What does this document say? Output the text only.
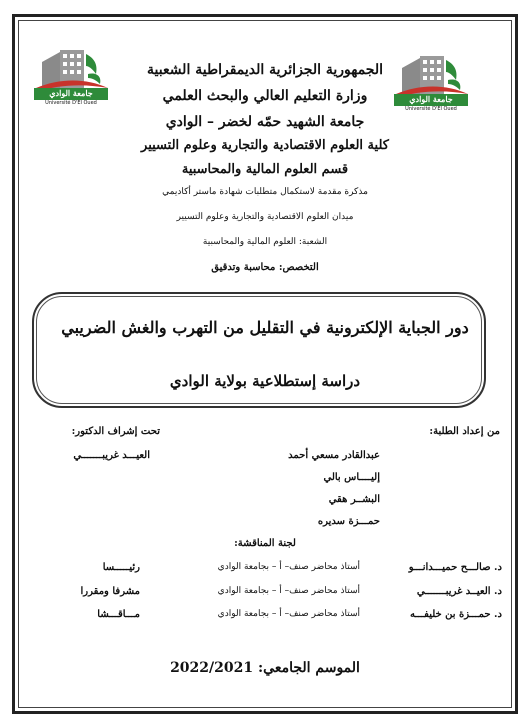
جامعة الوادي
Université D'El Oued	جامعة الوادي
Université D'El Oued
الجمهورية الجزائرية الديمقراطية الشعبية
وزارة التعليم العالي والبحث العلمي
جامعة الشهيد حمّه لخضر – الوادي
كلية العلوم الاقتصادية والتجارية وعلوم التسيير
قسم العلوم المالية والمحاسبية
مذكرة مقدمة لاستكمال متطلبات شهادة ماستر أكاديمي
ميدان العلوم الاقتصادية والتجارية وعلوم التسيير
الشعبة: العلوم المالية والمحاسبية
التخصص: محاسبة وتدقيق
دور الجباية الإلكترونية في التقليل من التهرب والغش الضريبي
دراسة إستطلاعية بولاية الوادي
من إعداد الطلبة:
عبدالقادر مسعي أحمد
إليــــاس بالي
البشــر هقي
حمـــزة سديره
تحت إشراف الدكتور:
العيـــد غريبـــــــي
لجنة المناقشة:
د. صالـــح حميـــدانـــو
أستاذ محاضر صنف– أ – بجامعة الوادي
رئيـــــسا
د. العيــد غريبـــــــي
أستاذ محاضر صنف– أ – بجامعة الوادي
مشرفا ومقررا
د. حمـــزة بن خليفـــه
أستاذ محاضر صنف– أ – بجامعة الوادي
مـــاقـــشا
الموسم الجامعي: 2022/2021
